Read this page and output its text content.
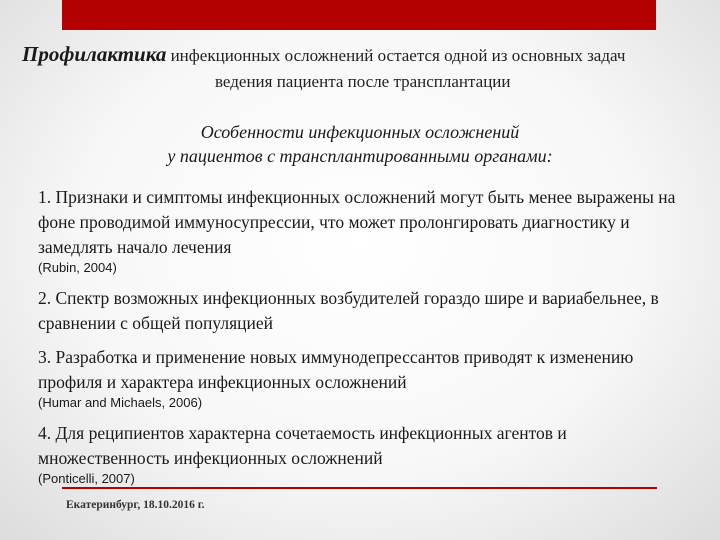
Профилактика инфекционных осложнений остается одной из основных задач
ведения пациента после трансплантации
Особенности инфекционных осложнений
у пациентов с трансплантированными органами:
1. Признаки и симптомы инфекционных осложнений могут быть менее выражены на фоне проводимой иммуносупрессии, что может пролонгировать диагностику и замедлять начало лечения
(Rubin, 2004)
2. Спектр возможных инфекционных возбудителей гораздо шире и вариабельнее, в сравнении с общей популяцией
3. Разработка и применение новых иммунодепрессантов приводят к изменению профиля и характера инфекционных осложнений
(Humar and Michaels, 2006)
4. Для реципиентов характерна сочетаемость инфекционных агентов и множественность инфекционных осложнений
(Ponticelli, 2007)
Екатеринбург, 18.10.2016 г.
